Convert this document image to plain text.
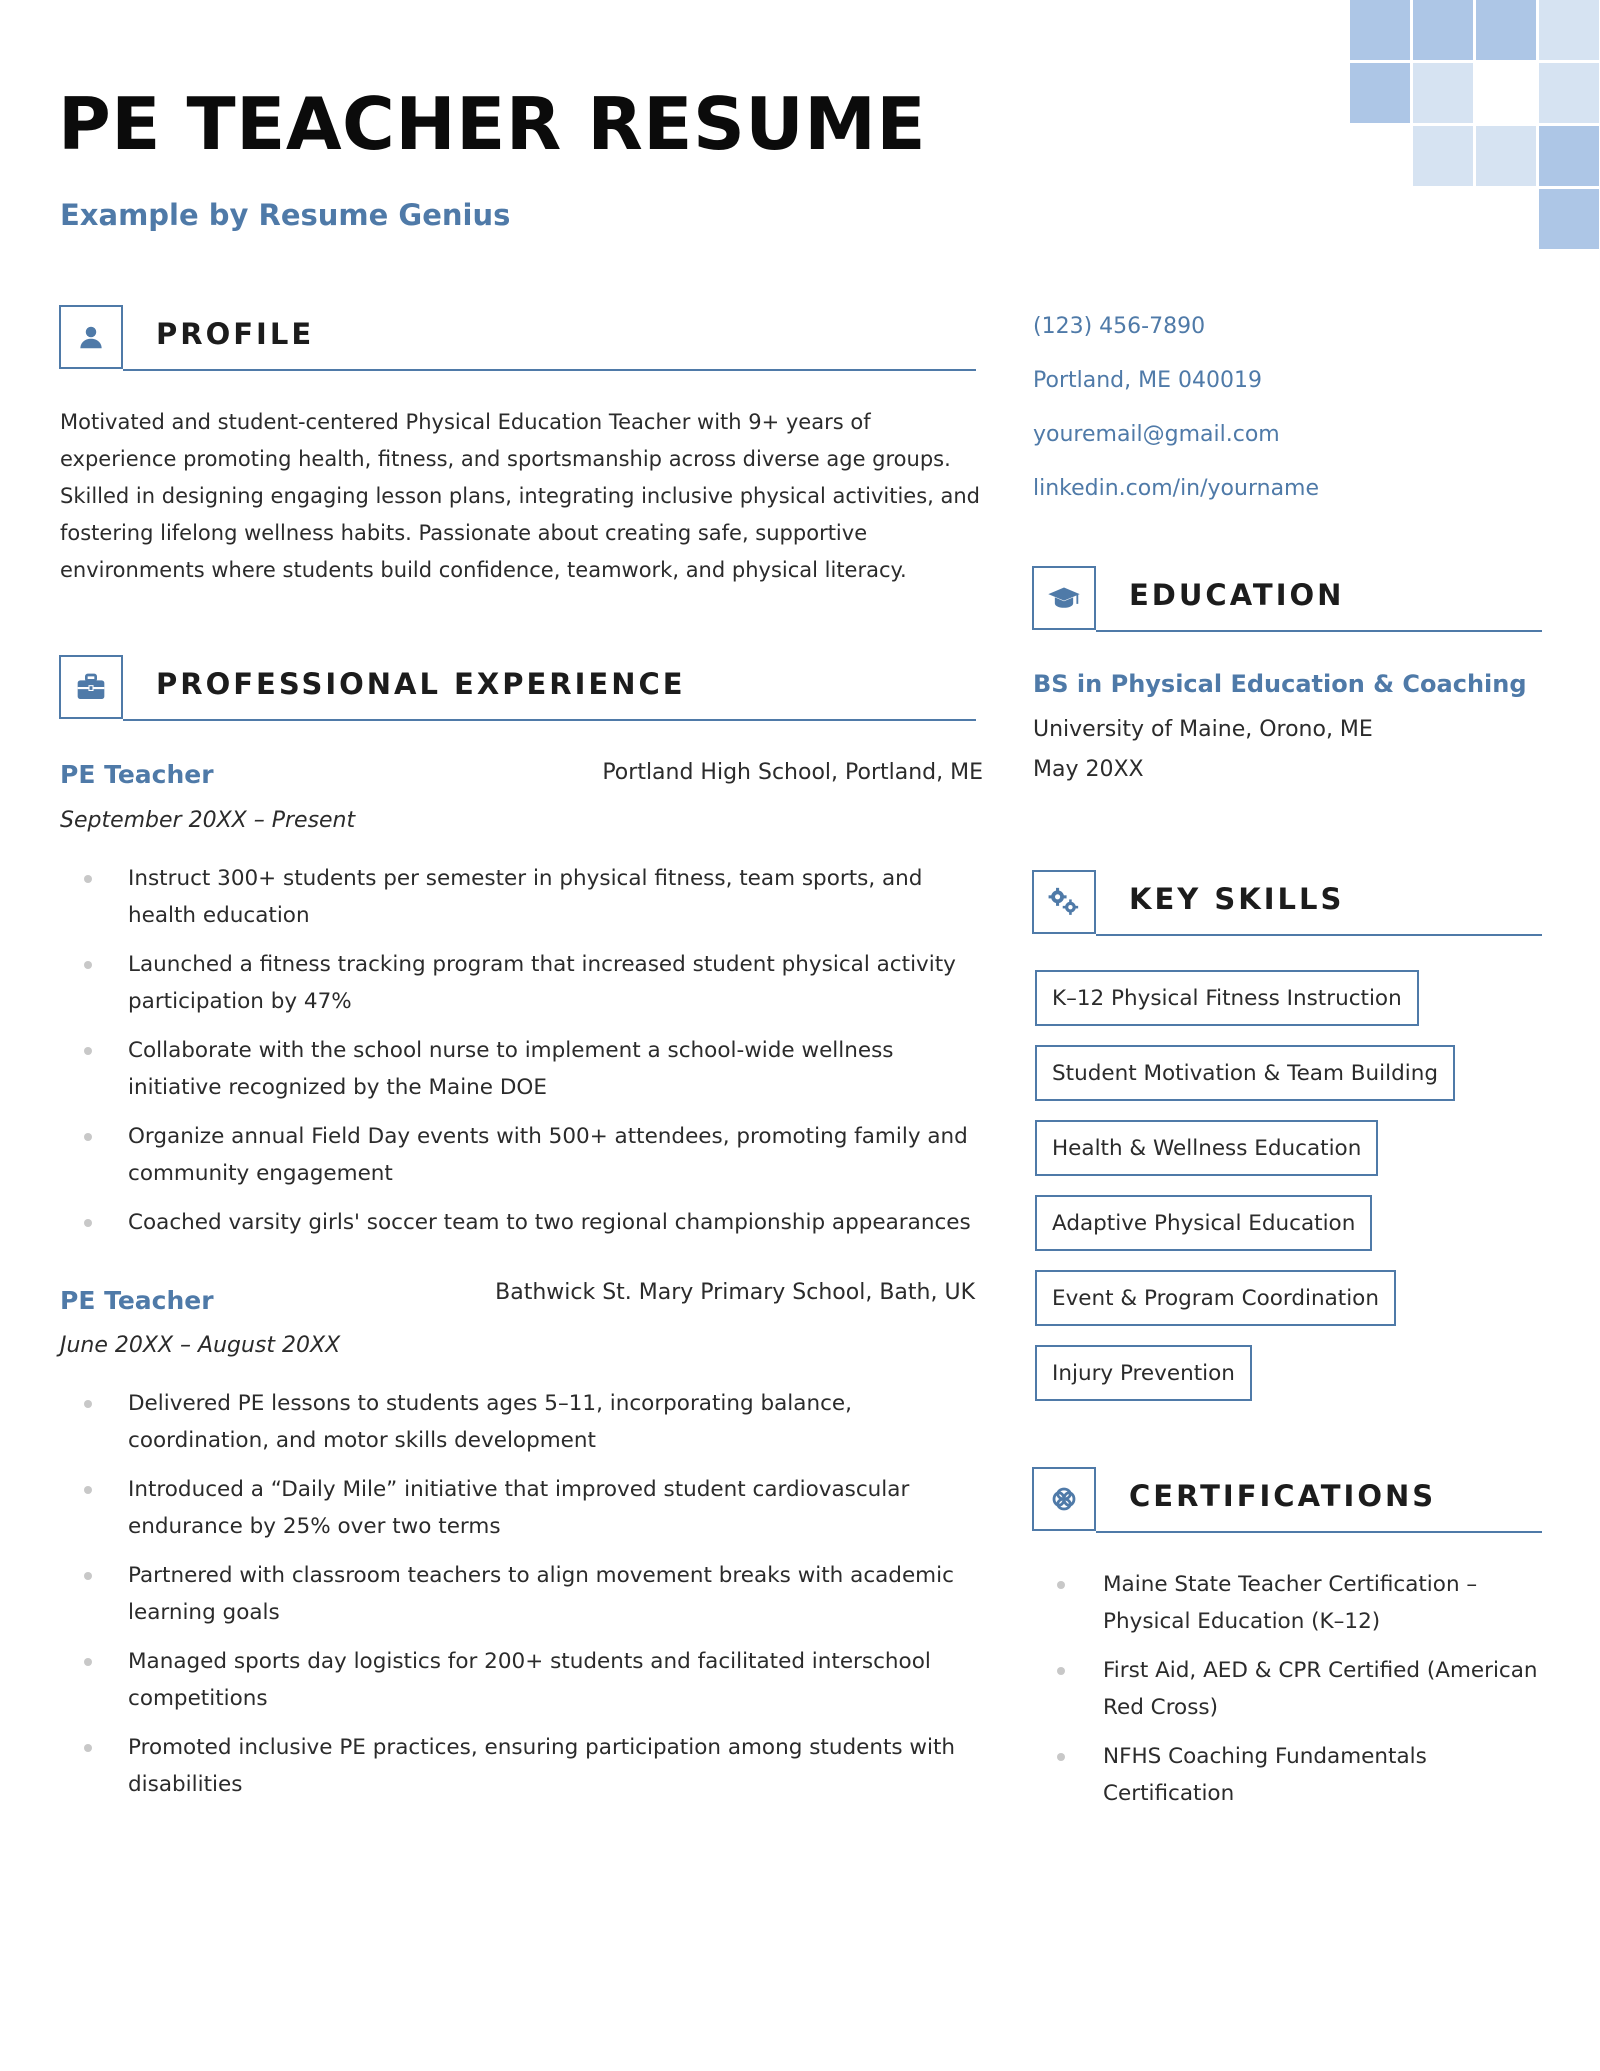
PE TEACHER RESUME
Example by Resume Genius
PROFILE

Motivated and student-centered Physical Education Teacher with 9+ years of experience promoting health, fitness, and sportsmanship across diverse age groups. Skilled in designing engaging lesson plans, integrating inclusive physical activities, and fostering lifelong wellness habits. Passionate about creating safe, supportive environments where students build confidence, teamwork, and physical literacy.

PROFESSIONAL EXPERIENCE
PE Teacher	Portland High School, Portland, ME
September 20XX – Present
Instruct 300+ students per semester in physical fitness, team sports, and health education
Launched a fitness tracking program that increased student physical activity participation by 47%
Collaborate with the school nurse to implement a school-wide wellness initiative recognized by the Maine DOE
Organize annual Field Day events with 500+ attendees, promoting family and community engagement
Coached varsity girls' soccer team to two regional championship appearances
PE Teacher	Bathwick St. Mary Primary School, Bath, UK
June 20XX – August 20XX
Delivered PE lessons to students ages 5–11, incorporating balance, coordination, and motor skills development
Introduced a “Daily Mile” initiative that improved student cardiovascular endurance by 25% over two terms
Partnered with classroom teachers to align movement breaks with academic learning goals
Managed sports day logistics for 200+ students and facilitated interschool competitions
Promoted inclusive PE practices, ensuring participation among students with disabilities
(123) 456-7890
Portland, ME 040019
youremail@gmail.com
linkedin.com/in/yourname
EDUCATION
BS in Physical Education & Coaching
University of Maine, Orono, ME
May 20XX
KEY SKILLS
K–12 Physical Fitness Instruction
Student Motivation & Team Building
Health & Wellness Education
Adaptive Physical Education
Event & Program Coordination
Injury Prevention
CERTIFICATIONS
Maine State Teacher Certification – Physical Education (K–12)
First Aid, AED & CPR Certified (American Red Cross)
NFHS Coaching Fundamentals Certification
